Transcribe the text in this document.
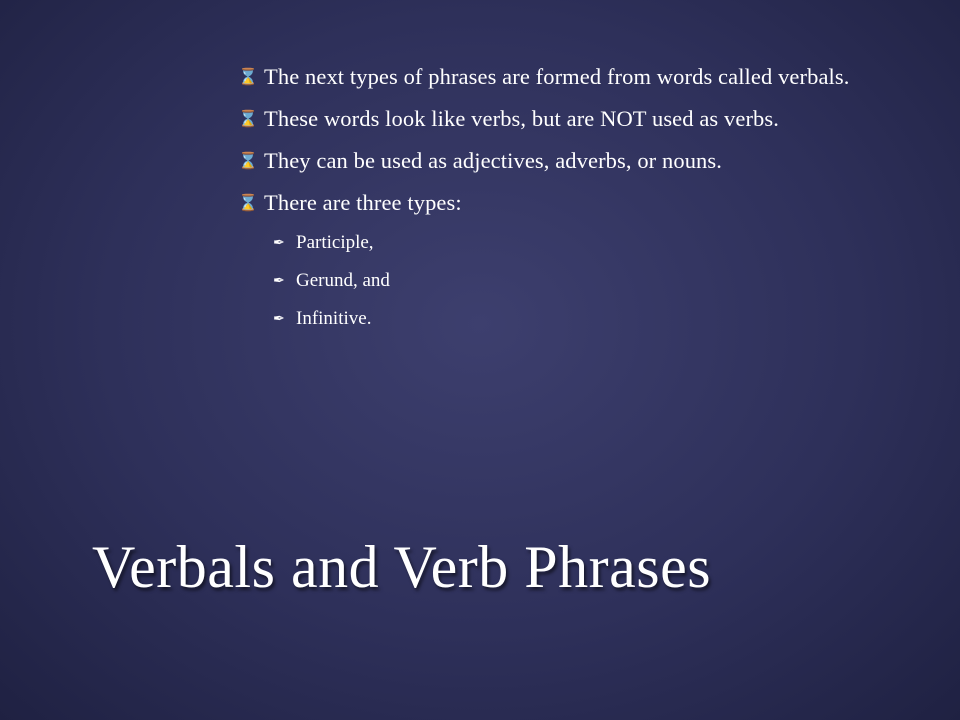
⌛ The next types of phrases are formed from words called verbals.
⌛ These words look like verbs, but are NOT used as verbs.
⌛ They can be used as adjectives, adverbs, or nouns.
⌛ There are three types:
✒ Participle,
✒ Gerund, and
✒ Infinitive.
Verbals and Verb Phrases
